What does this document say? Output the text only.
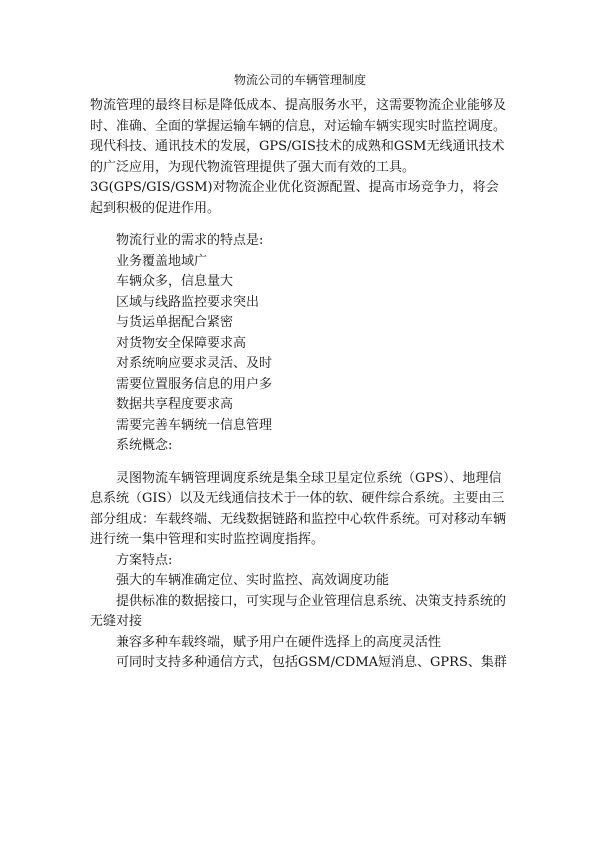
物流公司的车辆管理制度

物流管理的最终目标是降低成本、提高服务水平，这需要物流企业能够及时、准确、全面的掌握运输车辆的信息，对运输车辆实现实时监控调度。现代科技、通讯技术的发展，GPS/GIS技术的成熟和GSM无线通讯技术的广泛应用，为现代物流管理提供了强大而有效的工具。3G(GPS/GIS/GSM)对物流企业优化资源配置、提高市场竞争力，将会起到积极的促进作用。

物流行业的需求的特点是:

业务覆盖地域广

车辆众多，信息量大

区域与线路监控要求突出

与货运单据配合紧密

对货物安全保障要求高

对系统响应要求灵活、及时

需要位置服务信息的用户多

数据共享程度要求高

需要完善车辆统一信息管理

系统概念:

灵图物流车辆管理调度系统是集全球卫星定位系统（GPS）、地理信息系统（GIS）以及无线通信技术于一体的软、硬件综合系统。主要由三部分组成：车载终端、无线数据链路和监控中心软件系统。可对移动车辆进行统一集中管理和实时监控调度指挥。

方案特点:

强大的车辆准确定位、实时监控、高效调度功能

提供标准的数据接口，可实现与企业管理信息系统、决策支持系统的无缝对接

兼容多种车载终端，赋予用户在硬件选择上的高度灵活性

可同时支持多种通信方式，包括GSM/CDMA短消息、GPRS、集群
